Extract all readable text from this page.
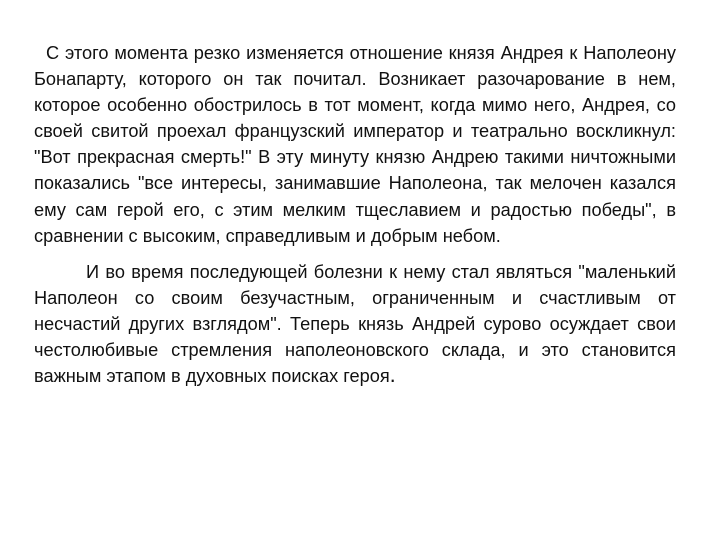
С этого момента резко изменяется отношение князя Андрея к Наполеону Бонапарту, которого он так почитал. Возникает разочарование в нем, которое особенно обострилось в тот момент, когда мимо него, Андрея, со своей свитой проехал французский император и театрально воскликнул: "Вот прекрасная смерть!" В эту минуту князю Андрею такими ничтожными показались "все интересы, занимавшие Наполеона, так мелочен казался ему сам герой его, с этим мелким тщеславием и радостью победы", в сравнении с высоким, справедливым и добрым небом.

И во время последующей болезни к нему стал являться "маленький Наполеон со своим безучастным, ограниченным и счастливым от несчастий других взглядом". Теперь князь Андрей сурово осуждает свои честолюбивые стремления наполеоновского склада, и это становится важным этапом в духовных поисках героя.
